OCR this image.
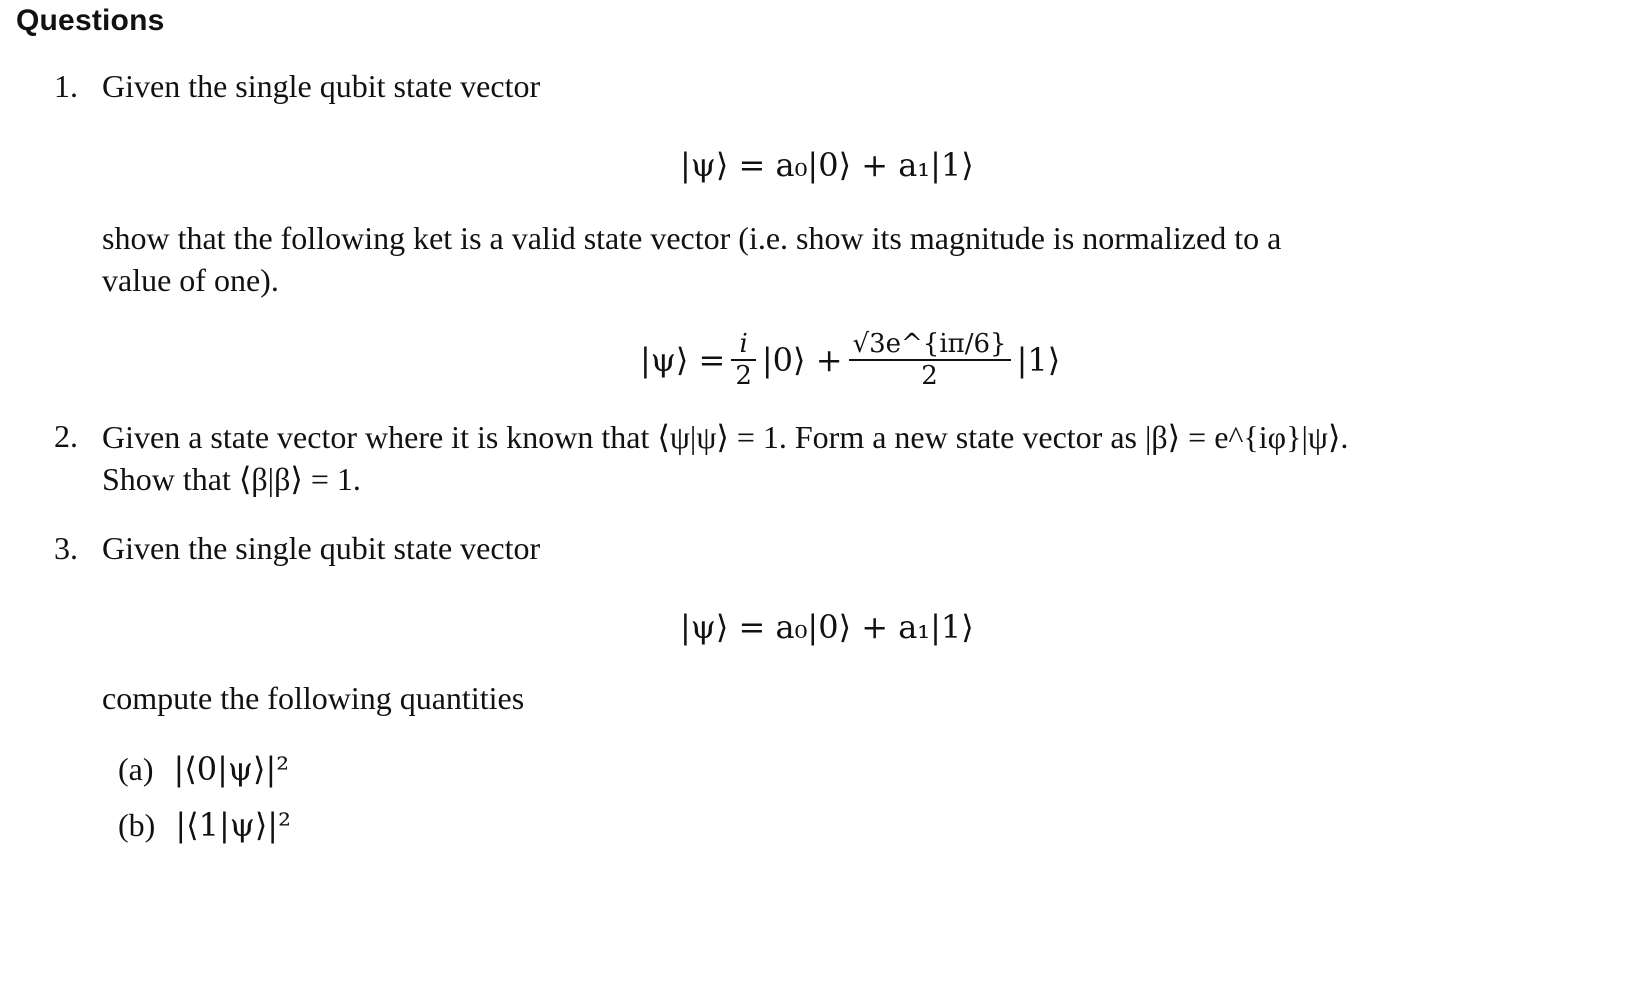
Questions
1. Given the single qubit state vector
|ψ⟩ = a₀|0⟩ + a₁|1⟩
show that the following ket is a valid state vector (i.e. show its magnitude is normalized to a
value of one).
|ψ⟩ = $\frac{i}{2}$ |0⟩ + $\frac{√3e\^{}\{i\pi/6\}}{2}$ |1⟩
2. Given a state vector where it is known that ⟨ψ|ψ⟩ = 1. Form a new state vector as |β⟩ = e^{iφ}|ψ⟩.
Show that ⟨β|β⟩ = 1.
3. Given the single qubit state vector
|ψ⟩ = a₀|0⟩ + a₁|1⟩
compute the following quantities
(a) |⟨0|ψ⟩|²
(b) |⟨1|ψ⟩|²
